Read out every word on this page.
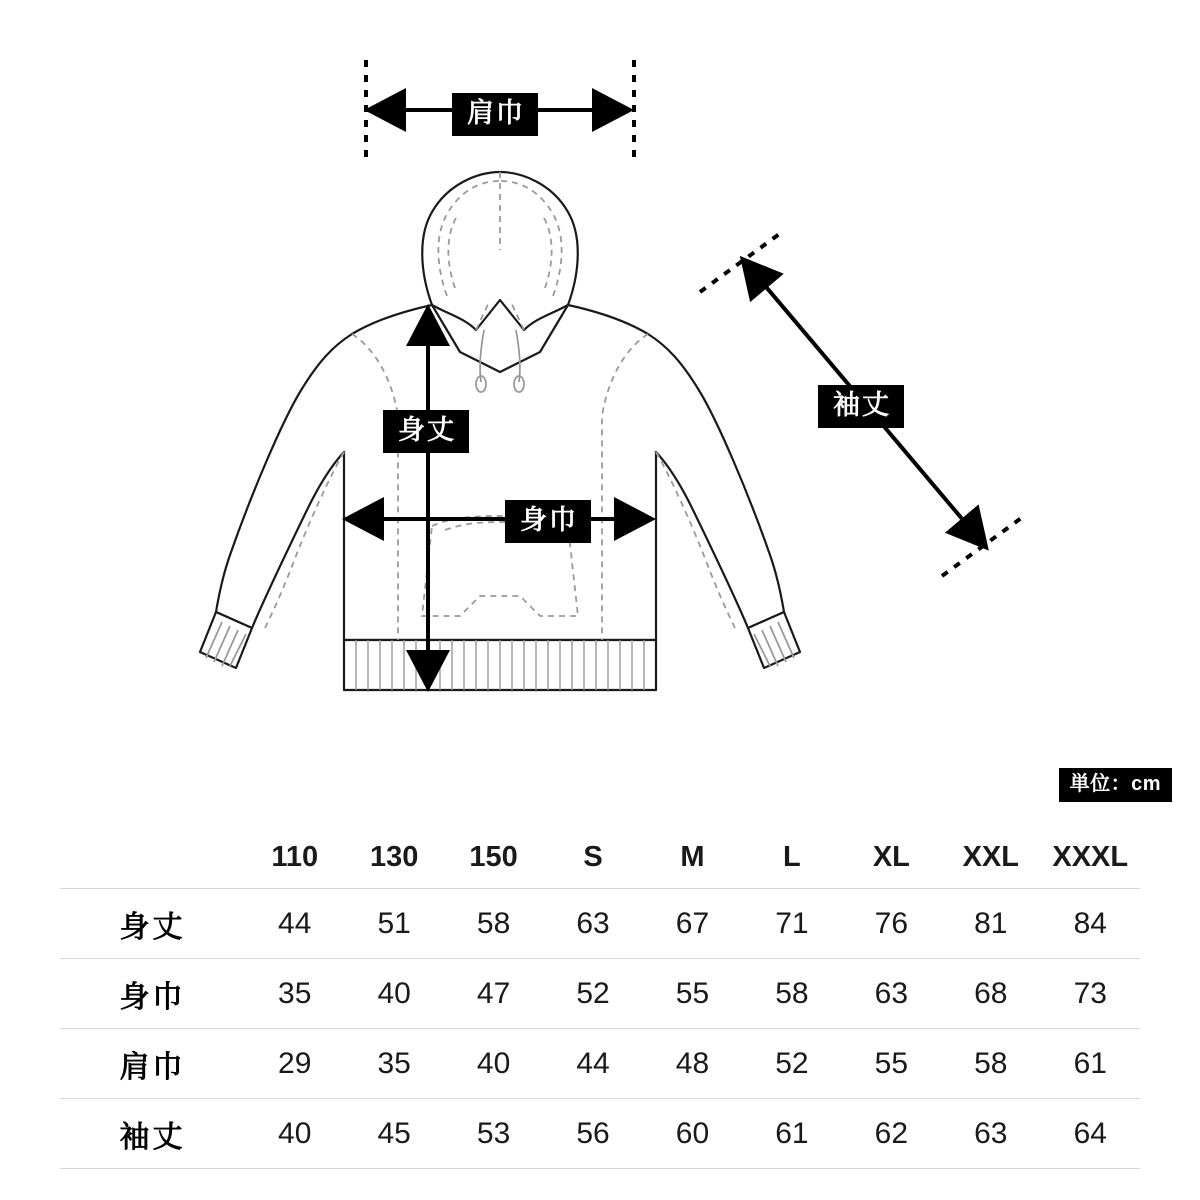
肩巾
身丈
身巾
袖丈
単位：cm
	110	130	150	S	M	L	XL	XXL	XXXL
身丈	44	51	58	63	67	71	76	81	84
身巾	35	40	47	52	55	58	63	68	73
肩巾	29	35	40	44	48	52	55	58	61
袖丈	40	45	53	56	60	61	62	63	64
